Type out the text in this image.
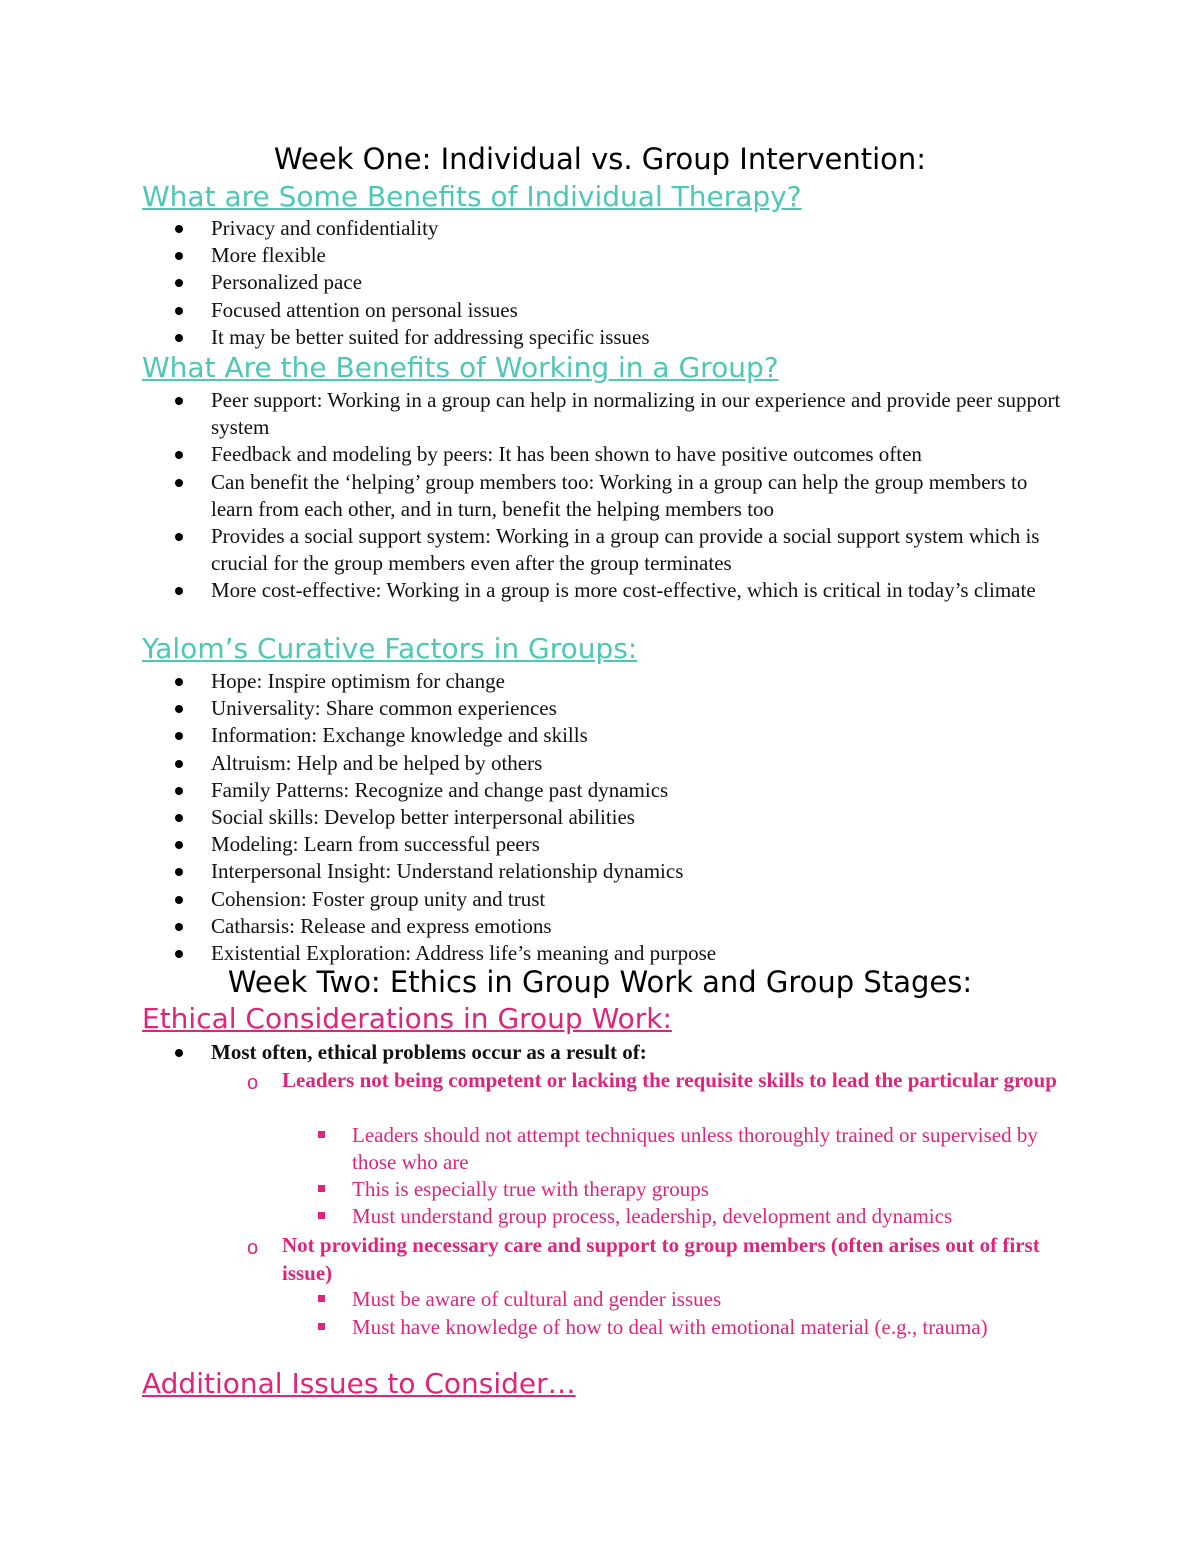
Week One: Individual vs. Group Intervention:
What are Some Benefits of Individual Therapy?
Privacy and confidentiality
More flexible
Personalized pace
Focused attention on personal issues
It may be better suited for addressing specific issues
What Are the Benefits of Working in a Group?
Peer support: Working in a group can help in normalizing in our experience and provide peer support system
Feedback and modeling by peers: It has been shown to have positive outcomes often
Can benefit the ‘helping’ group members too: Working in a group can help the group members to learn from each other, and in turn, benefit the helping members too
Provides a social support system: Working in a group can provide a social support system which is crucial for the group members even after the group terminates
More cost-effective: Working in a group is more cost-effective, which is critical in today’s climate
Yalom’s Curative Factors in Groups:
Hope: Inspire optimism for change
Universality: Share common experiences
Information: Exchange knowledge and skills
Altruism: Help and be helped by others
Family Patterns: Recognize and change past dynamics
Social skills: Develop better interpersonal abilities
Modeling: Learn from successful peers
Interpersonal Insight: Understand relationship dynamics
Cohension: Foster group unity and trust
Catharsis: Release and express emotions
Existential Exploration: Address life’s meaning and purpose
Week Two: Ethics in Group Work and Group Stages:
Ethical Considerations in Group Work:
Most often, ethical problems occur as a result of:
o Leaders not being competent or lacking the requisite skills to lead the particular group
Leaders should not attempt techniques unless thoroughly trained or supervised by those who are
This is especially true with therapy groups
Must understand group process, leadership, development and dynamics
o Not providing necessary care and support to group members (often arises out of first issue)
Must be aware of cultural and gender issues
Must have knowledge of how to deal with emotional material (e.g., trauma)
Additional Issues to Consider…
